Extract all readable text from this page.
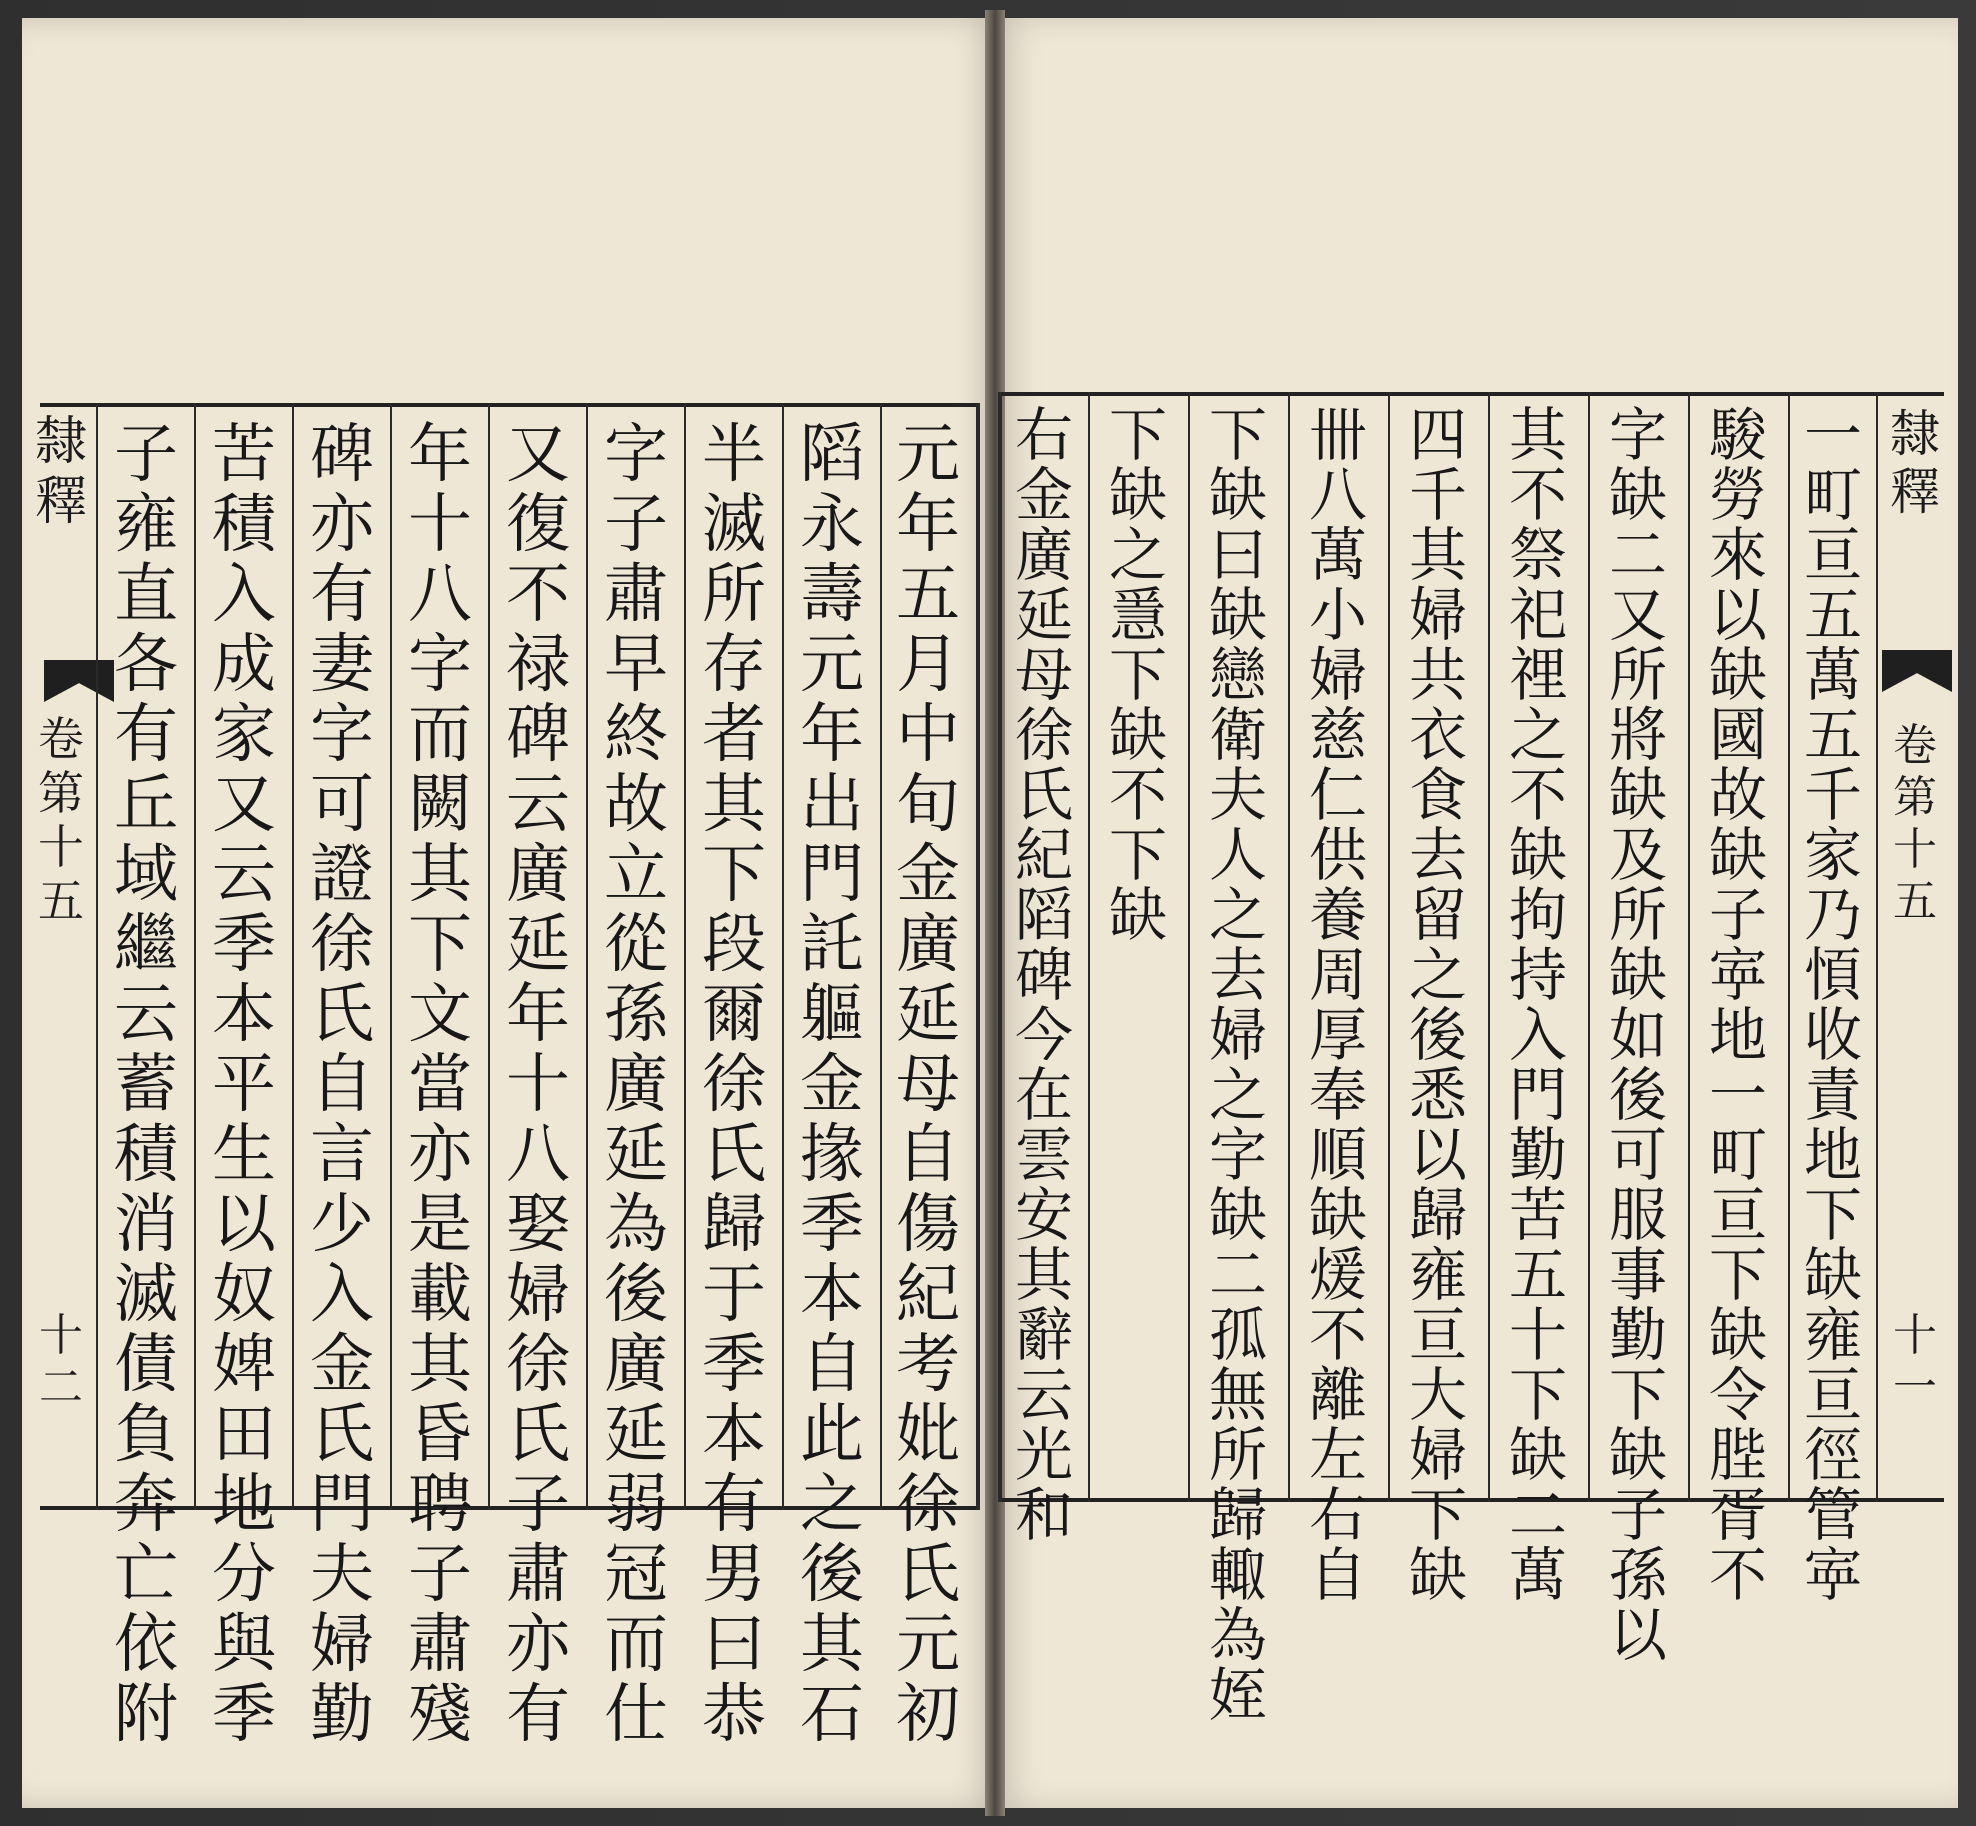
隸釋
卷第十五
十二
元年五月中旬金廣延母自傷紀考妣徐氏元初
䧟永壽元年出門託軀金掾季本自此之後其石
半滅所存者其下段爾徐氏歸于季本有男曰恭
字子肅早終故立從孫廣延為後廣延弱冠而仕
又復不禄碑云廣延年十八娶婦徐氏子肅亦有
年十八字而闕其下文當亦是載其昏聘子肅殘
碑亦有妻字可證徐氏自言少入金氏門夫婦勤
苦積入成家又云季本平生以奴婢田地分與季
子雍直各有丘域繼云蓄積消滅債負奔亡依附
一町亘五萬五千家乃㥧收責地下缺雍亘徑管𡨴
駿勞來以缺國故缺子𡨴地一町亘下缺令䏶胥不
字缺二又所將缺及所缺如後可服事勤下缺子孫以
其不祭祀𥚃之不缺拘持入門勤苦五十下缺二萬
四千其婦共衣食去留之後悉以歸雍亘大婦下缺
卌八萬小婦慈仁供養周厚奉順缺煖不離左右自
下缺曰缺戀衛夫人之去婦之字缺二孤無所歸輙為姪
下缺之㥯下缺不下缺
右金廣延母徐氏紀䧟碑今在雲安其辭云光和
隸釋
卷第十五
十一
